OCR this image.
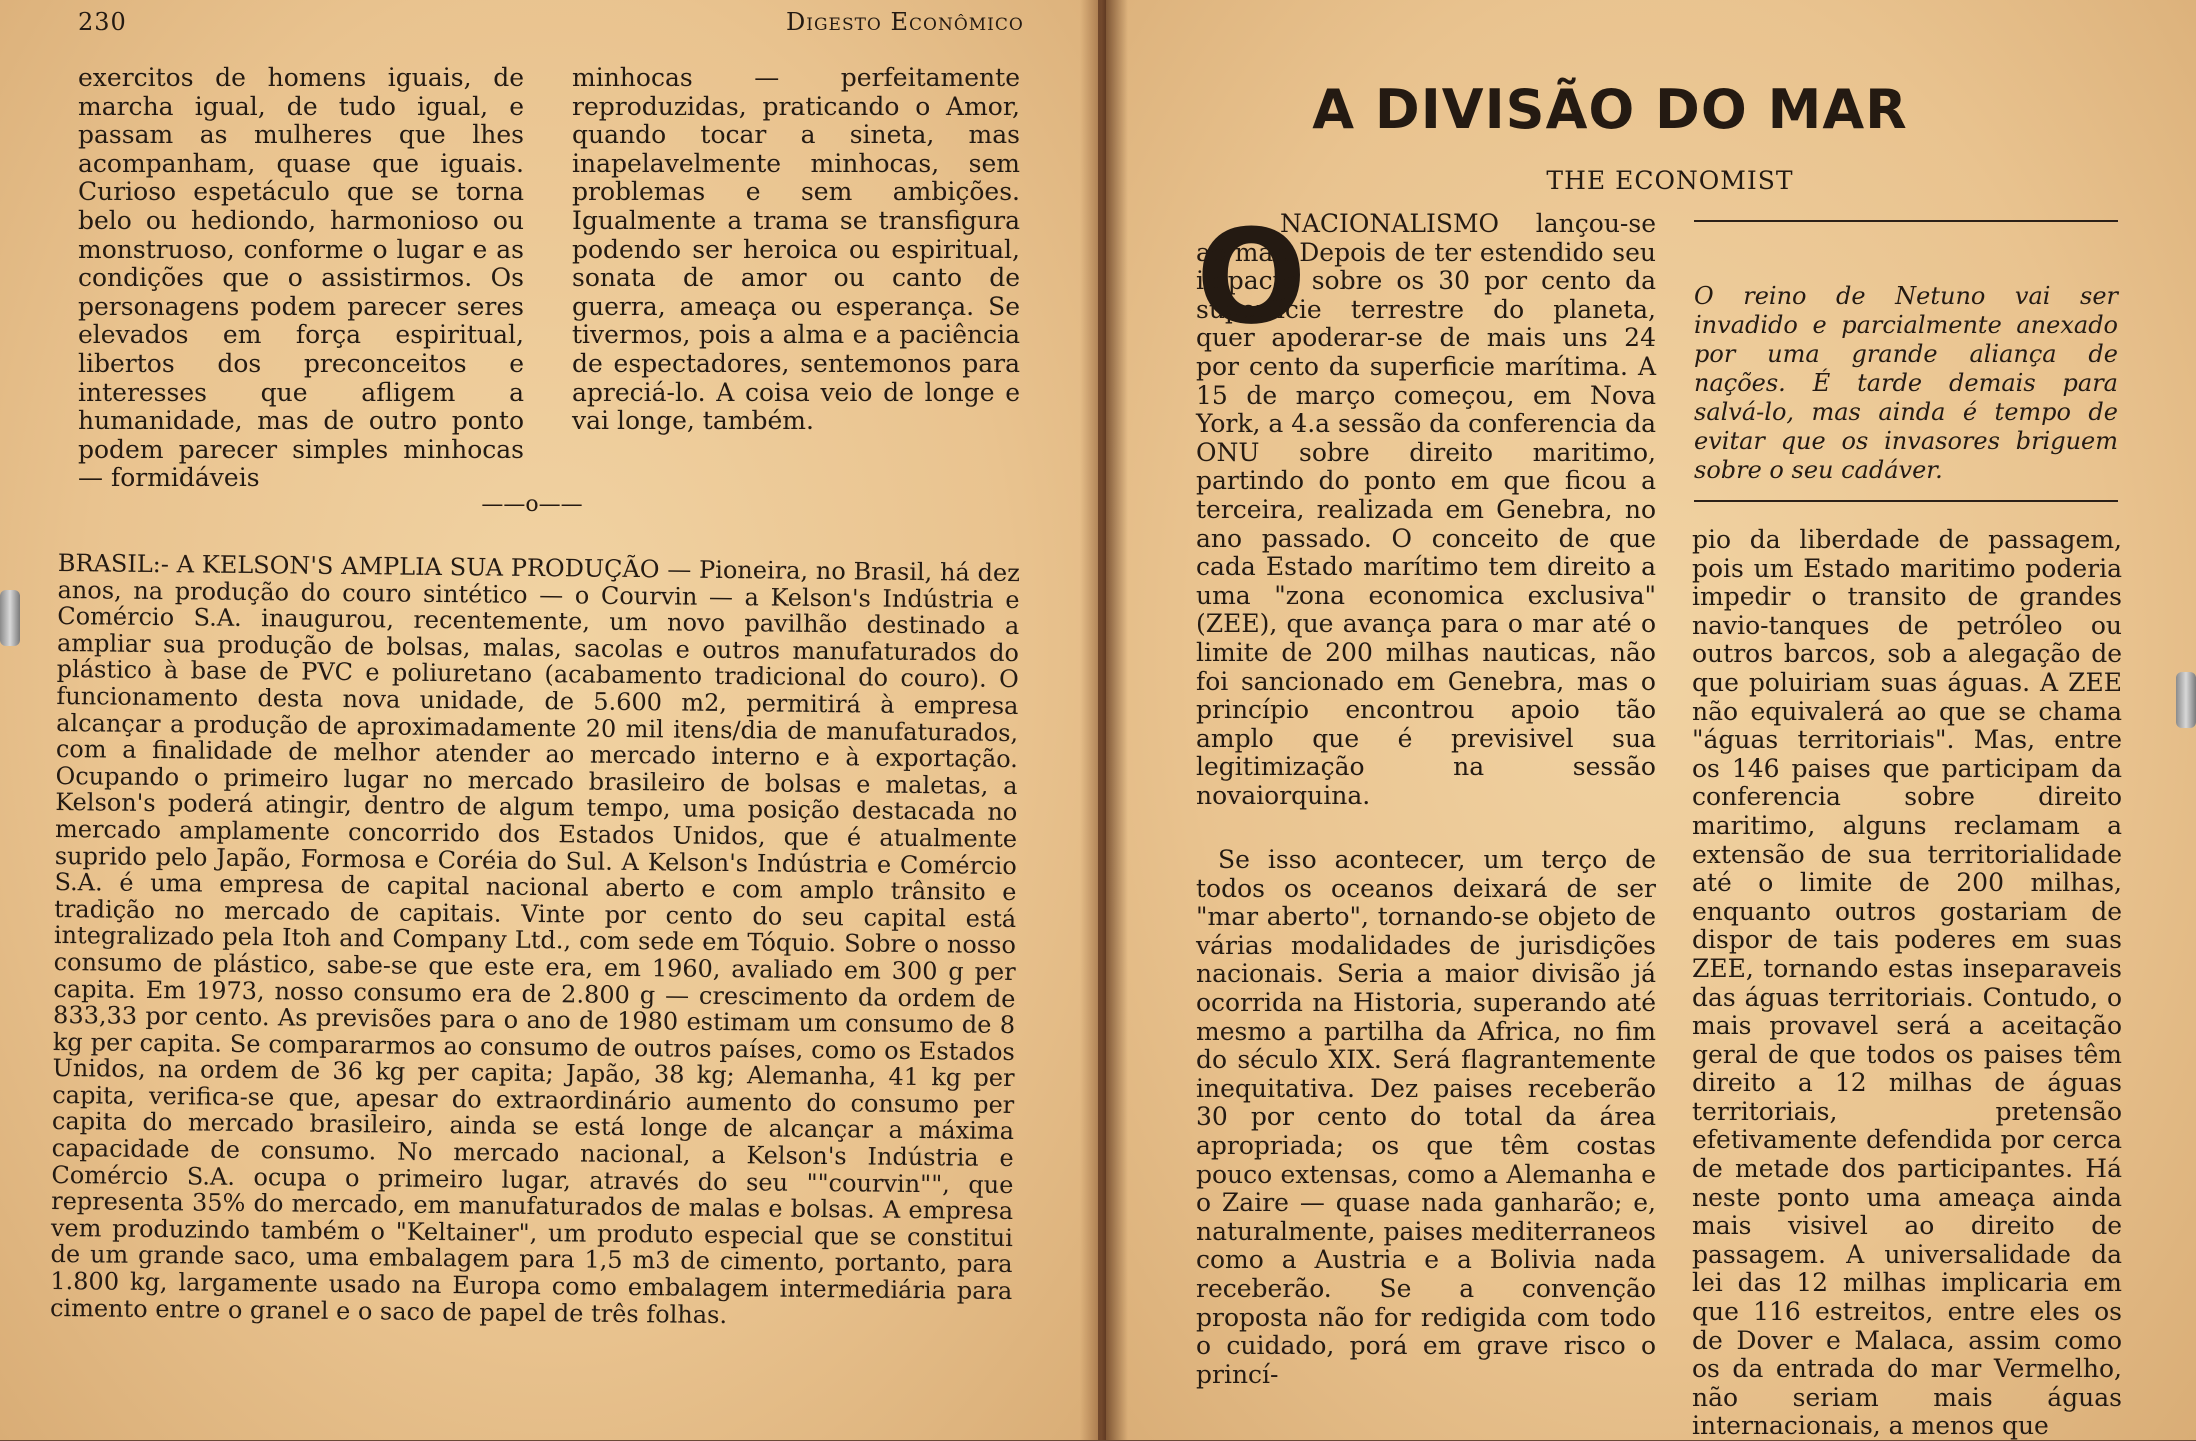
230	Digesto Econômico

exercitos de homens iguais, de marcha igual, de tudo igual, e passam as mulheres que lhes acompanham, quase que iguais. Curioso espetáculo que se torna belo ou hediondo, harmonioso ou monstruoso, conforme o lugar e as condições que o assistirmos. Os personagens podem parecer seres elevados em força espiritual, libertos dos preconceitos e interesses que afligem a humanidade, mas de outro ponto podem parecer simples minhocas — formidáveis

minhocas — perfeitamente reproduzidas, praticando o Amor, quando tocar a sineta, mas inapelavelmente minhocas, sem problemas e sem ambições. Igualmente a trama se transfigura podendo ser heroica ou espiritual, sonata de amor ou canto de guerra, ameaça ou esperança. Se tivermos, pois a alma e a paciência de espectadores, sentemonos para apreciá-lo. A coisa veio de longe e vai longe, também.

——o——

BRASIL:- A KELSON'S AMPLIA SUA PRODUÇÃO — Pioneira, no Brasil, há dez anos, na produção do couro sintético — o Courvin — a Kelson's Indústria e Comércio S.A. inaugurou, recentemente, um novo pavilhão destinado a ampliar sua produção de bolsas, malas, sacolas e outros manufaturados do plástico à base de PVC e poliuretano (acabamento tradicional do couro). O funcionamento desta nova unidade, de 5.600 m2, permitirá à empresa alcançar a produção de aproximadamente 20 mil itens/dia de manufaturados, com a finalidade de melhor atender ao mercado interno e à exportação. Ocupando o primeiro lugar no mercado brasileiro de bolsas e maletas, a Kelson's poderá atingir, dentro de algum tempo, uma posição destacada no mercado amplamente concorrido dos Estados Unidos, que é atualmente suprido pelo Japão, Formosa e Coréia do Sul. A Kelson's Indústria e Comércio S.A. é uma empresa de capital nacional aberto e com amplo trânsito e tradição no mercado de capitais. Vinte por cento do seu capital está integralizado pela Itoh and Company Ltd., com sede em Tóquio. Sobre o nosso consumo de plástico, sabe-se que este era, em 1960, avaliado em 300 g per capita. Em 1973, nosso consumo era de 2.800 g — crescimento da ordem de 833,33 por cento. As previsões para o ano de 1980 estimam um consumo de 8 kg per capita. Se compararmos ao consumo de outros países, como os Estados Unidos, na ordem de 36 kg per capita; Japão, 38 kg; Alemanha, 41 kg per capita, verifica-se que, apesar do extraordinário aumento do consumo per capita do mercado brasileiro, ainda se está longe de alcançar a máxima capacidade de consumo. No mercado nacional, a Kelson's Indústria e Comércio S.A. ocupa o primeiro lugar, através do seu ""courvin"", que representa 35% do mercado, em manufaturados de malas e bolsas. A empresa vem produzindo também o "Keltainer", um produto especial que se constitui de um grande saco, uma embalagem para 1,5 m3 de cimento, portanto, para 1.800 kg, largamente usado na Europa como embalagem intermediária para cimento entre o granel e o saco de papel de três folhas.

A DIVISÃO DO MAR
THE ECONOMIST
O

NACIONALISMO lançou-se ao mar. Depois de ter estendido seu impacto sobre os 30 por cento da superfície terrestre do planeta, quer apoderar-se de mais uns 24 por cento da superficie marítima. A 15 de março começou, em Nova York, a 4.a sessão da conferencia da ONU sobre direito maritimo, partindo do ponto em que ficou a terceira, realizada em Genebra, no ano passado. O conceito de que cada Estado marítimo tem direito a uma "zona economica exclusiva" (ZEE), que avança para o mar até o limite de 200 milhas nauticas, não foi sancionado em Genebra, mas o princípio encontrou apoio tão amplo que é previsivel sua legitimização na sessão novaiorquina.

Se isso acontecer, um terço de todos os oceanos deixará de ser "mar aberto", tornando-se objeto de várias modalidades de jurisdições nacionais. Seria a maior divisão já ocorrida na Historia, superando até mesmo a partilha da Africa, no fim do século XIX. Será flagrantemente inequitativa. Dez paises receberão 30 por cento do total da área apropriada; os que têm costas pouco extensas, como a Alemanha e o Zaire — quase nada ganharão; e, naturalmente, paises mediterraneos como a Austria e a Bolivia nada receberão. Se a convenção proposta não for redigida com todo o cuidado, porá em grave risco o princí-

O reino de Netuno vai ser invadido e parcialmente anexado por uma grande aliança de nações. É tarde demais para salvá-lo, mas ainda é tempo de evitar que os invasores briguem sobre o seu cadáver.

pio da liberdade de passagem, pois um Estado maritimo poderia impedir o transito de grandes navio-tanques de petróleo ou outros barcos, sob a alegação de que poluiriam suas águas. A ZEE não equivalerá ao que se chama "águas territoriais". Mas, entre os 146 paises que participam da conferencia sobre direito maritimo, alguns reclamam a extensão de sua territorialidade até o limite de 200 milhas, enquanto outros gostariam de dispor de tais poderes em suas ZEE, tornando estas inseparaveis das águas territoriais. Contudo, o mais provavel será a aceitação geral de que todos os paises têm direito a 12 milhas de águas territoriais, pretensão efetivamente defendida por cerca de metade dos participantes. Há neste ponto uma ameaça ainda mais visivel ao direito de passagem. A universalidade da lei das 12 milhas implicaria em que 116 estreitos, entre eles os de Dover e Malaca, assim como os da entrada do mar Vermelho, não seriam mais águas internacionais, a menos que
